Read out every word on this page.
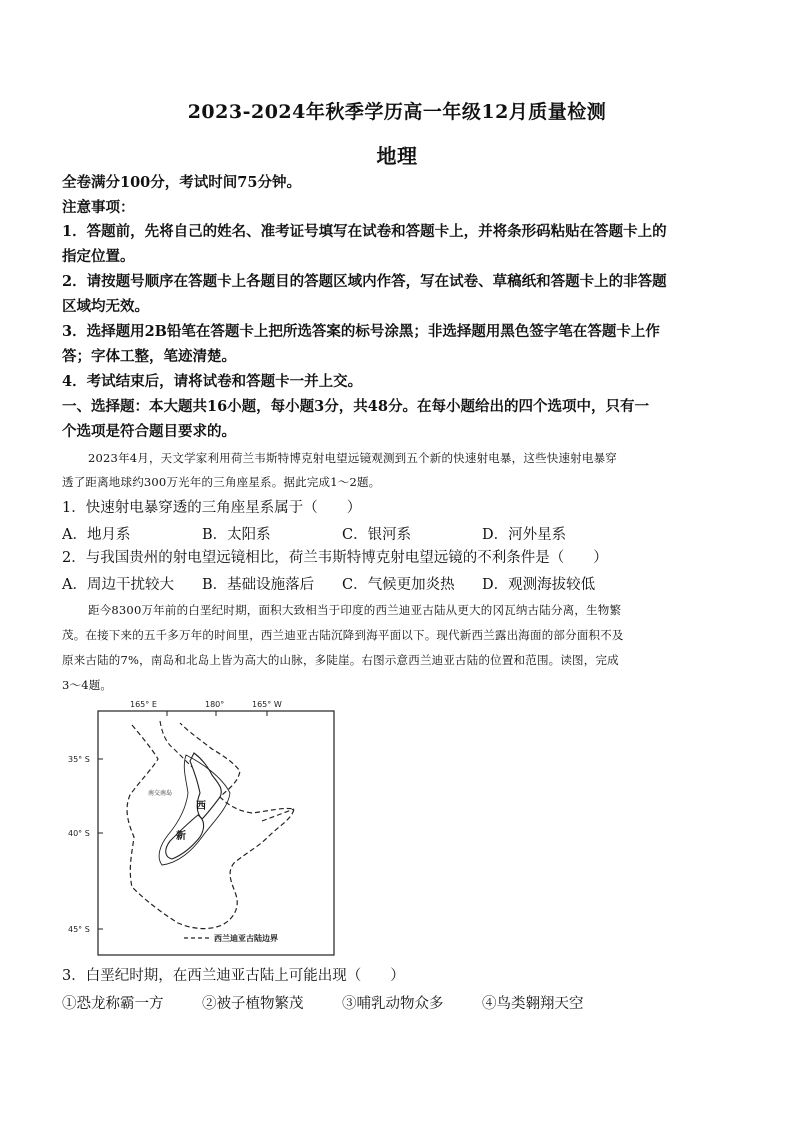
2023-2024年秋季学历高一年级12月质量检测
地理
全卷满分100分，考试时间75分钟。
注意事项：
1．答题前，先将自己的姓名、准考证号填写在试卷和答题卡上，并将条形码粘贴在答题卡上的
指定位置。
2．请按题号顺序在答题卡上各题目的答题区域内作答，写在试卷、草稿纸和答题卡上的非答题
区域均无效。
3．选择题用2B铅笔在答题卡上把所选答案的标号涂黑；非选择题用黑色签字笔在答题卡上作
答；字体工整，笔迹清楚。
4．考试结束后，请将试卷和答题卡一并上交。
一、选择题：本大题共16小题，每小题3分，共48分。在每小题给出的四个选项中，只有一
个选项是符合题目要求的。
2023年4月，天文学家利用荷兰韦斯特博克射电望远镜观测到五个新的快速射电暴，这些快速射电暴穿
透了距离地球约300万光年的三角座星系。据此完成1～2题。
1．快速射电暴穿透的三角座星系属于（　　）
A．地月系	B．太阳系	C．银河系	D．河外星系
2．与我国贵州的射电望远镜相比，荷兰韦斯特博克射电望远镜的不利条件是（　　）
A．周边干扰较大 B．基础设施落后 C．气候更加炎热 D．观测海拔较低
距今8300万年前的白垩纪时期，面积大致相当于印度的西兰迪亚古陆从更大的冈瓦纳古陆分离，生物繁
茂。在接下来的五千多万年的时间里，西兰迪亚古陆沉降到海平面以下。现代新西兰露出海面的部分面积不及
原来古陆的7%，南岛和北岛上皆为高大的山脉，多陡崖。右图示意西兰迪亚古陆的位置和范围。读图，完成
3～4题。
165° E	180°	165° W
35° S
40° S
45° S
南交南岛
西
新
西兰迪亚古陆边界
3．白垩纪时期，在西兰迪亚古陆上可能出现（　　）
①恐龙称霸一方	②被子植物繁茂	③哺乳动物众多	④鸟类翱翔天空
